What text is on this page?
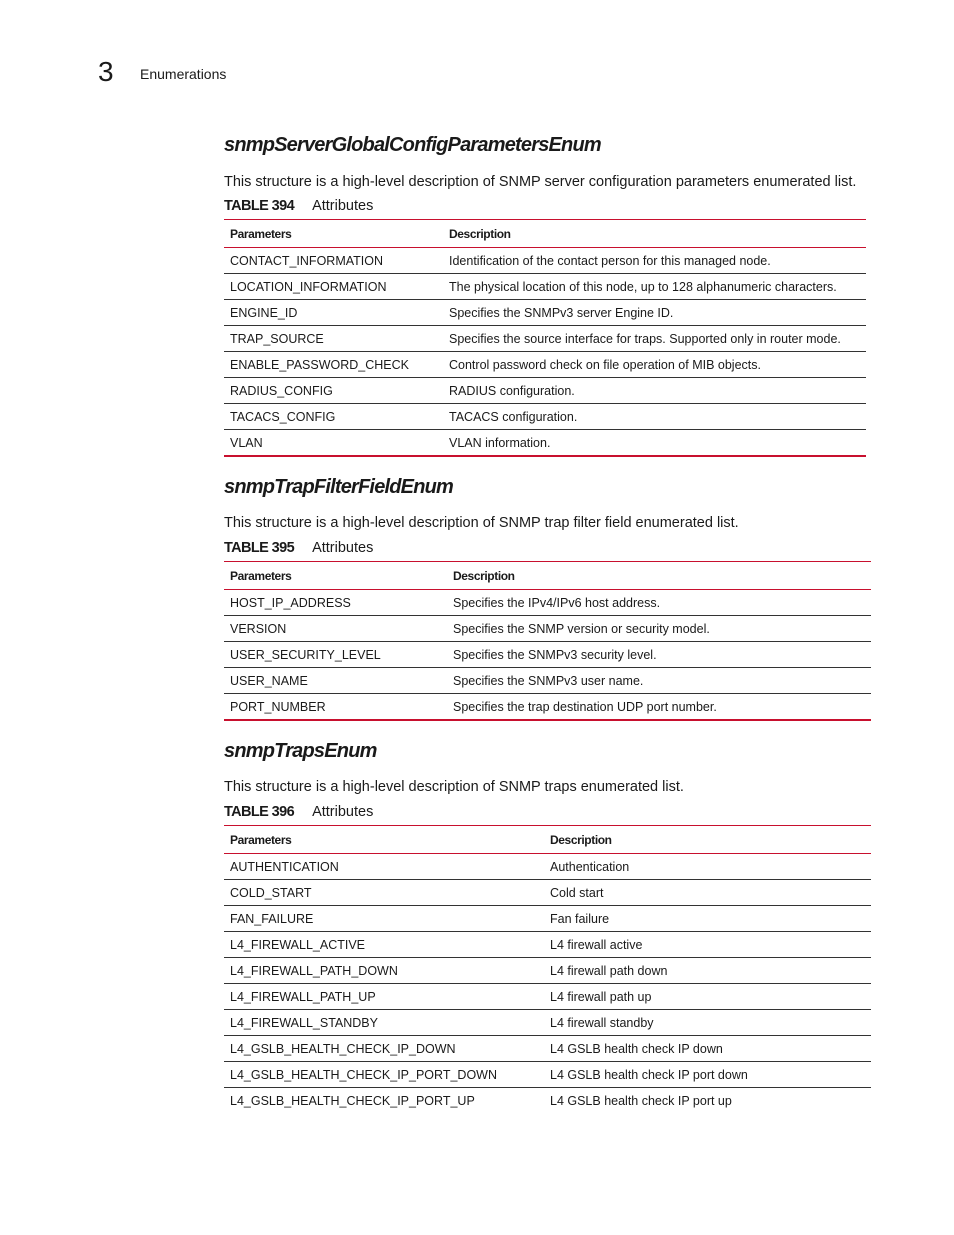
3 Enumerations
snmpServerGlobalConfigParametersEnum

This structure is a high-level description of SNMP server configuration parameters enumerated list.

TABLE 394 Attributes
Parameters	Description
CONTACT_INFORMATION	Identification of the contact person for this managed node.
LOCATION_INFORMATION	The physical location of this node, up to 128 alphanumeric characters.
ENGINE_ID	Specifies the SNMPv3 server Engine ID.
TRAP_SOURCE	Specifies the source interface for traps. Supported only in router mode.
ENABLE_PASSWORD_CHECK	Control password check on file operation of MIB objects.
RADIUS_CONFIG	RADIUS configuration.
TACACS_CONFIG	TACACS configuration.
VLAN	VLAN information.
snmpTrapFilterFieldEnum

This structure is a high-level description of SNMP trap filter field enumerated list.

TABLE 395 Attributes
Parameters	Description
HOST_IP_ADDRESS	Specifies the IPv4/IPv6 host address.
VERSION	Specifies the SNMP version or security model.
USER_SECURITY_LEVEL	Specifies the SNMPv3 security level.
USER_NAME	Specifies the SNMPv3 user name.
PORT_NUMBER	Specifies the trap destination UDP port number.
snmpTrapsEnum

This structure is a high-level description of SNMP traps enumerated list.

TABLE 396 Attributes
Parameters	Description
AUTHENTICATION	Authentication
COLD_START	Cold start
FAN_FAILURE	Fan failure
L4_FIREWALL_ACTIVE	L4 firewall active
L4_FIREWALL_PATH_DOWN	L4 firewall path down
L4_FIREWALL_PATH_UP	L4 firewall path up
L4_FIREWALL_STANDBY	L4 firewall standby
L4_GSLB_HEALTH_CHECK_IP_DOWN	L4 GSLB health check IP down
L4_GSLB_HEALTH_CHECK_IP_PORT_DOWN	L4 GSLB health check IP port down
L4_GSLB_HEALTH_CHECK_IP_PORT_UP	L4 GSLB health check IP port up
